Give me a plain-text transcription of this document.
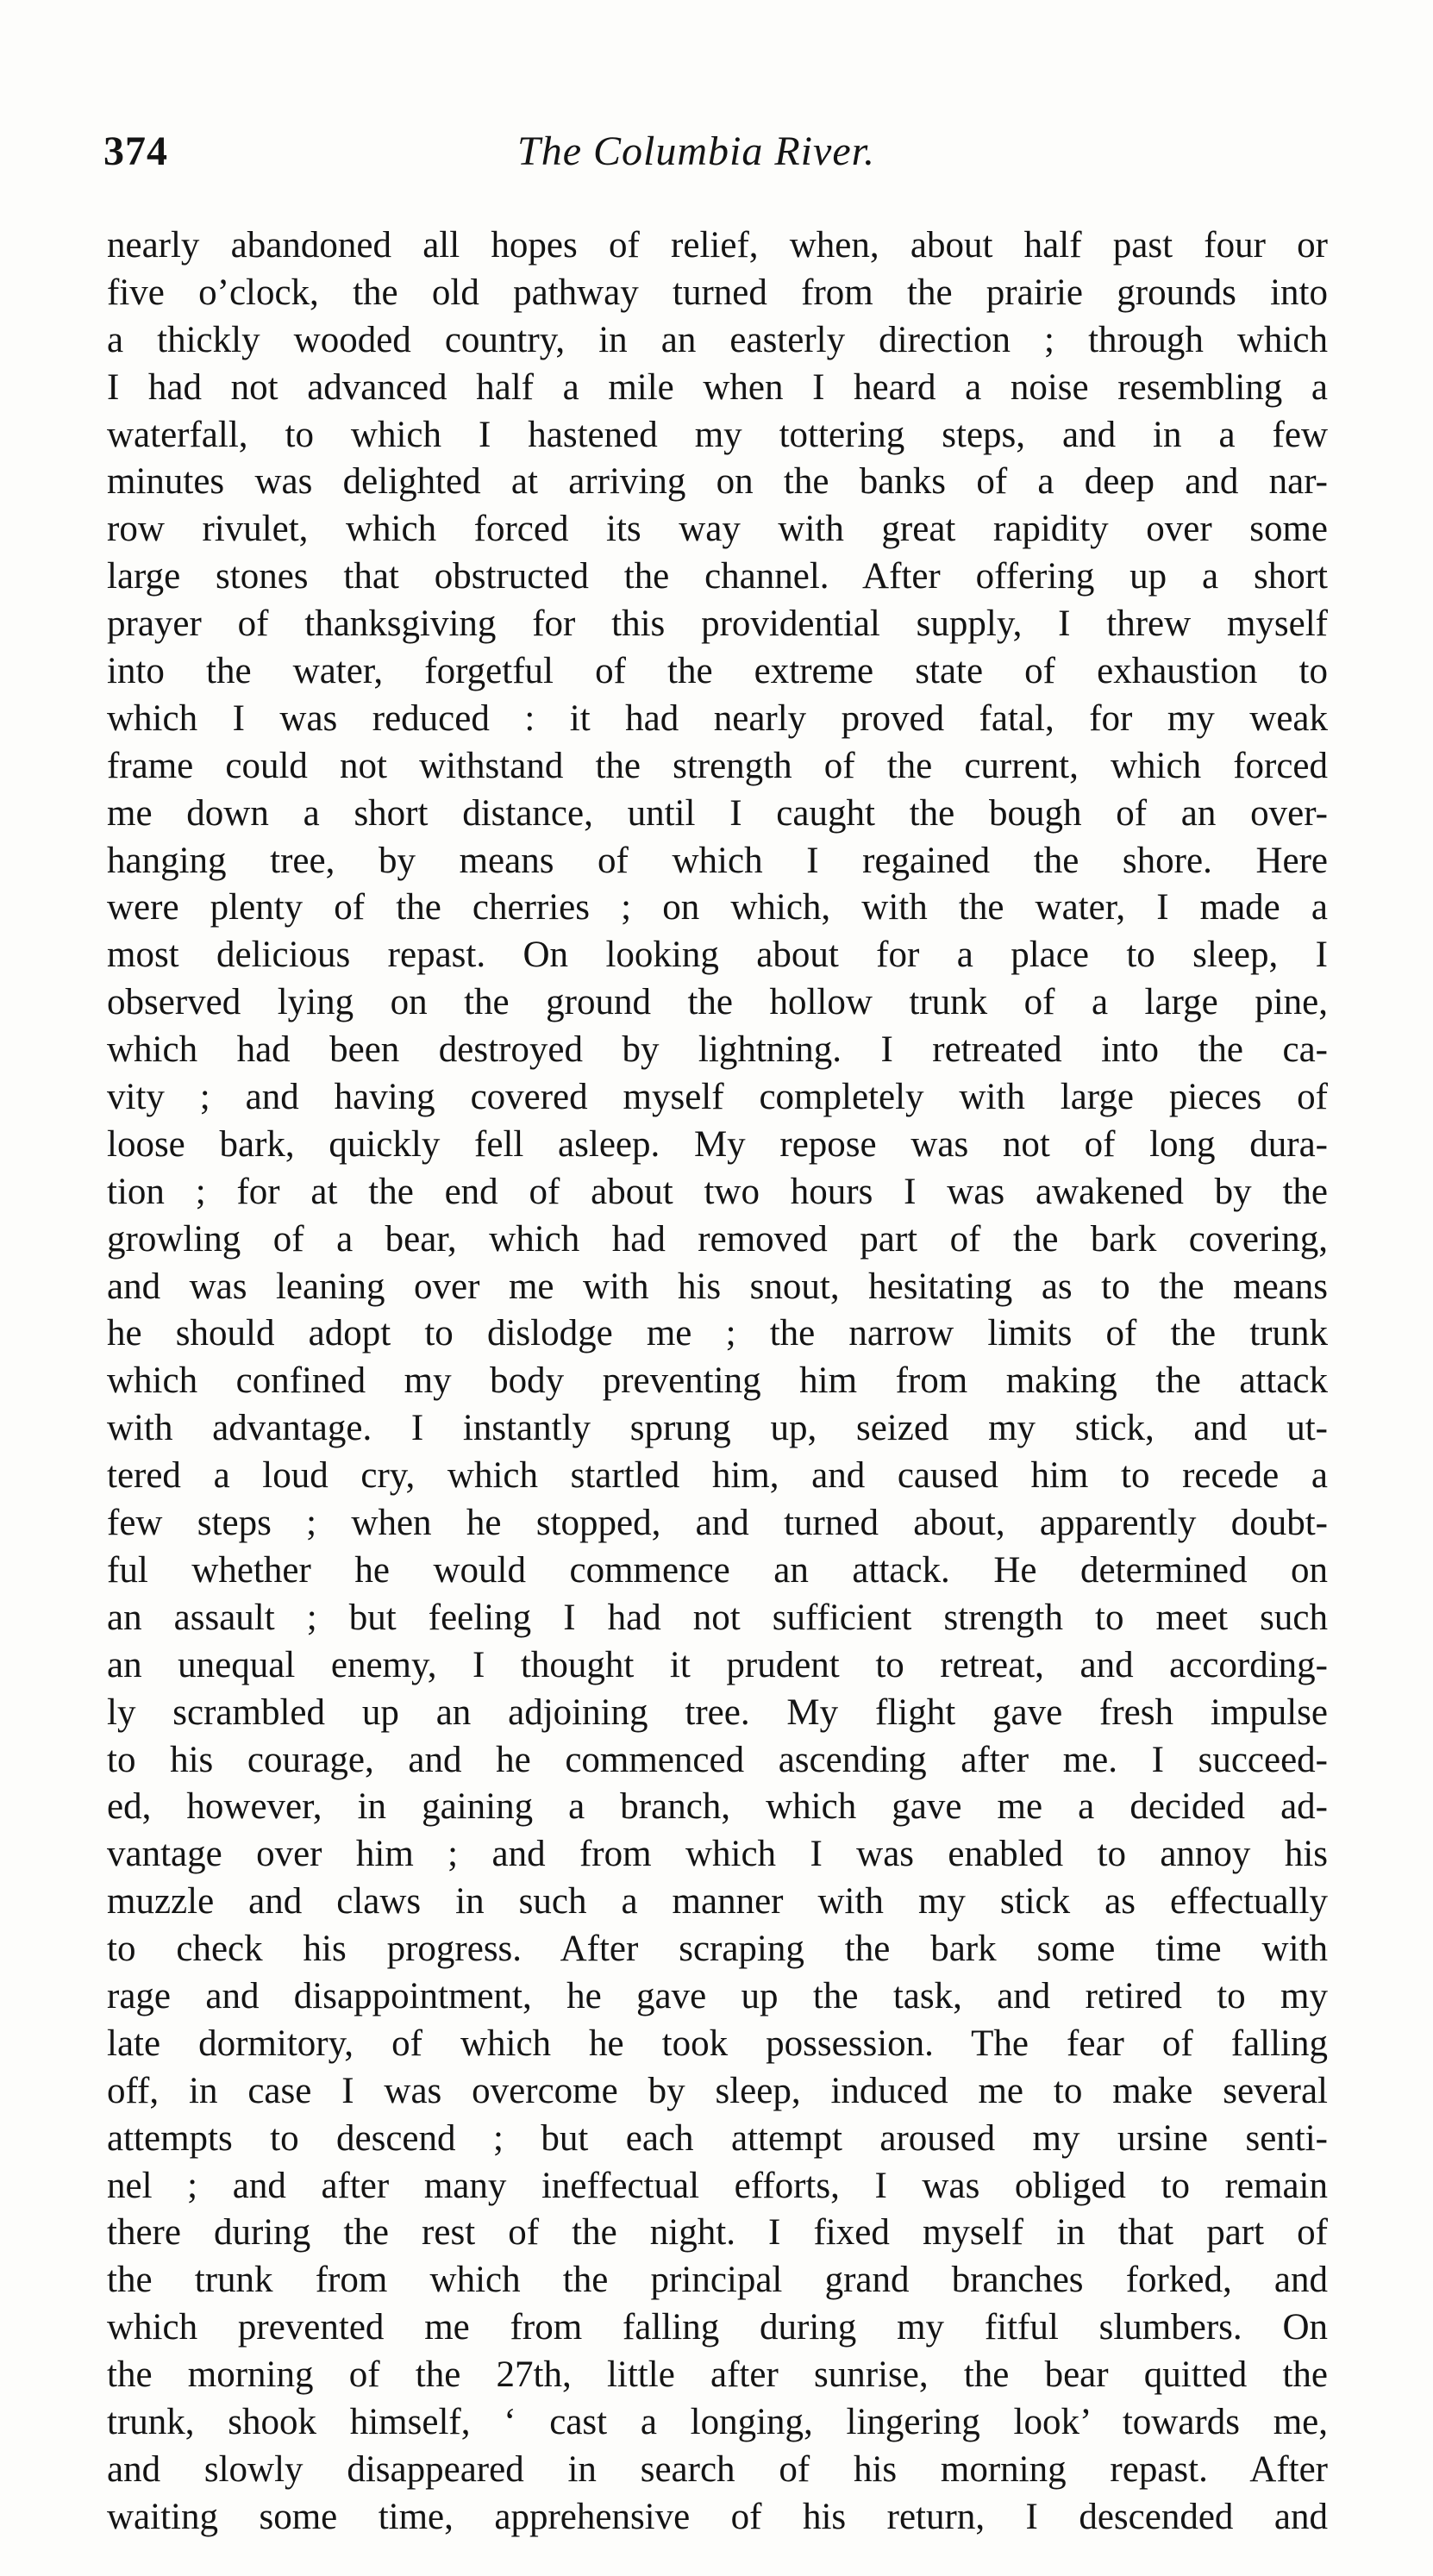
374	The Columbia River.
nearly abandoned all hopes of relief, when, about half past four or
five o’clock, the old pathway turned from the prairie grounds into
a thickly wooded country, in an easterly direction ; through which
I had not advanced half a mile when I heard a noise resembling a
waterfall, to which I hastened my tottering steps, and in a few
minutes was delighted at arriving on the banks of a deep and nar-
row rivulet, which forced its way with great rapidity over some
large stones that obstructed the channel. After offering up a short
prayer of thanksgiving for this providential supply, I threw myself
into the water, forgetful of the extreme state of exhaustion to
which I was reduced : it had nearly proved fatal, for my weak
frame could not withstand the strength of the current, which forced
me down a short distance, until I caught the bough of an over-
hanging tree, by means of which I regained the shore. Here
were plenty of the cherries ; on which, with the water, I made a
most delicious repast. On looking about for a place to sleep, I
observed lying on the ground the hollow trunk of a large pine,
which had been destroyed by lightning. I retreated into the ca-
vity ; and having covered myself completely with large pieces of
loose bark, quickly fell asleep. My repose was not of long dura-
tion ; for at the end of about two hours I was awakened by the
growling of a bear, which had removed part of the bark covering,
and was leaning over me with his snout, hesitating as to the means
he should adopt to dislodge me ; the narrow limits of the trunk
which confined my body preventing him from making the attack
with advantage. I instantly sprung up, seized my stick, and ut-
tered a loud cry, which startled him, and caused him to recede a
few steps ; when he stopped, and turned about, apparently doubt-
ful whether he would commence an attack. He determined on
an assault ; but feeling I had not sufficient strength to meet such
an unequal enemy, I thought it prudent to retreat, and according-
ly scrambled up an adjoining tree. My flight gave fresh impulse
to his courage, and he commenced ascending after me. I succeed-
ed, however, in gaining a branch, which gave me a decided ad-
vantage over him ; and from which I was enabled to annoy his
muzzle and claws in such a manner with my stick as effectually
to check his progress. After scraping the bark some time with
rage and disappointment, he gave up the task, and retired to my
late dormitory, of which he took possession. The fear of falling
off, in case I was overcome by sleep, induced me to make several
attempts to descend ; but each attempt aroused my ursine senti-
nel ; and after many ineffectual efforts, I was obliged to remain
there during the rest of the night. I fixed myself in that part of
the trunk from which the principal grand branches forked, and
which prevented me from falling during my fitful slumbers. On
the morning of the 27th, little after sunrise, the bear quitted the
trunk, shook himself, ‘ cast a longing, lingering look’ towards me,
and slowly disappeared in search of his morning repast. After
waiting some time, apprehensive of his return, I descended and
